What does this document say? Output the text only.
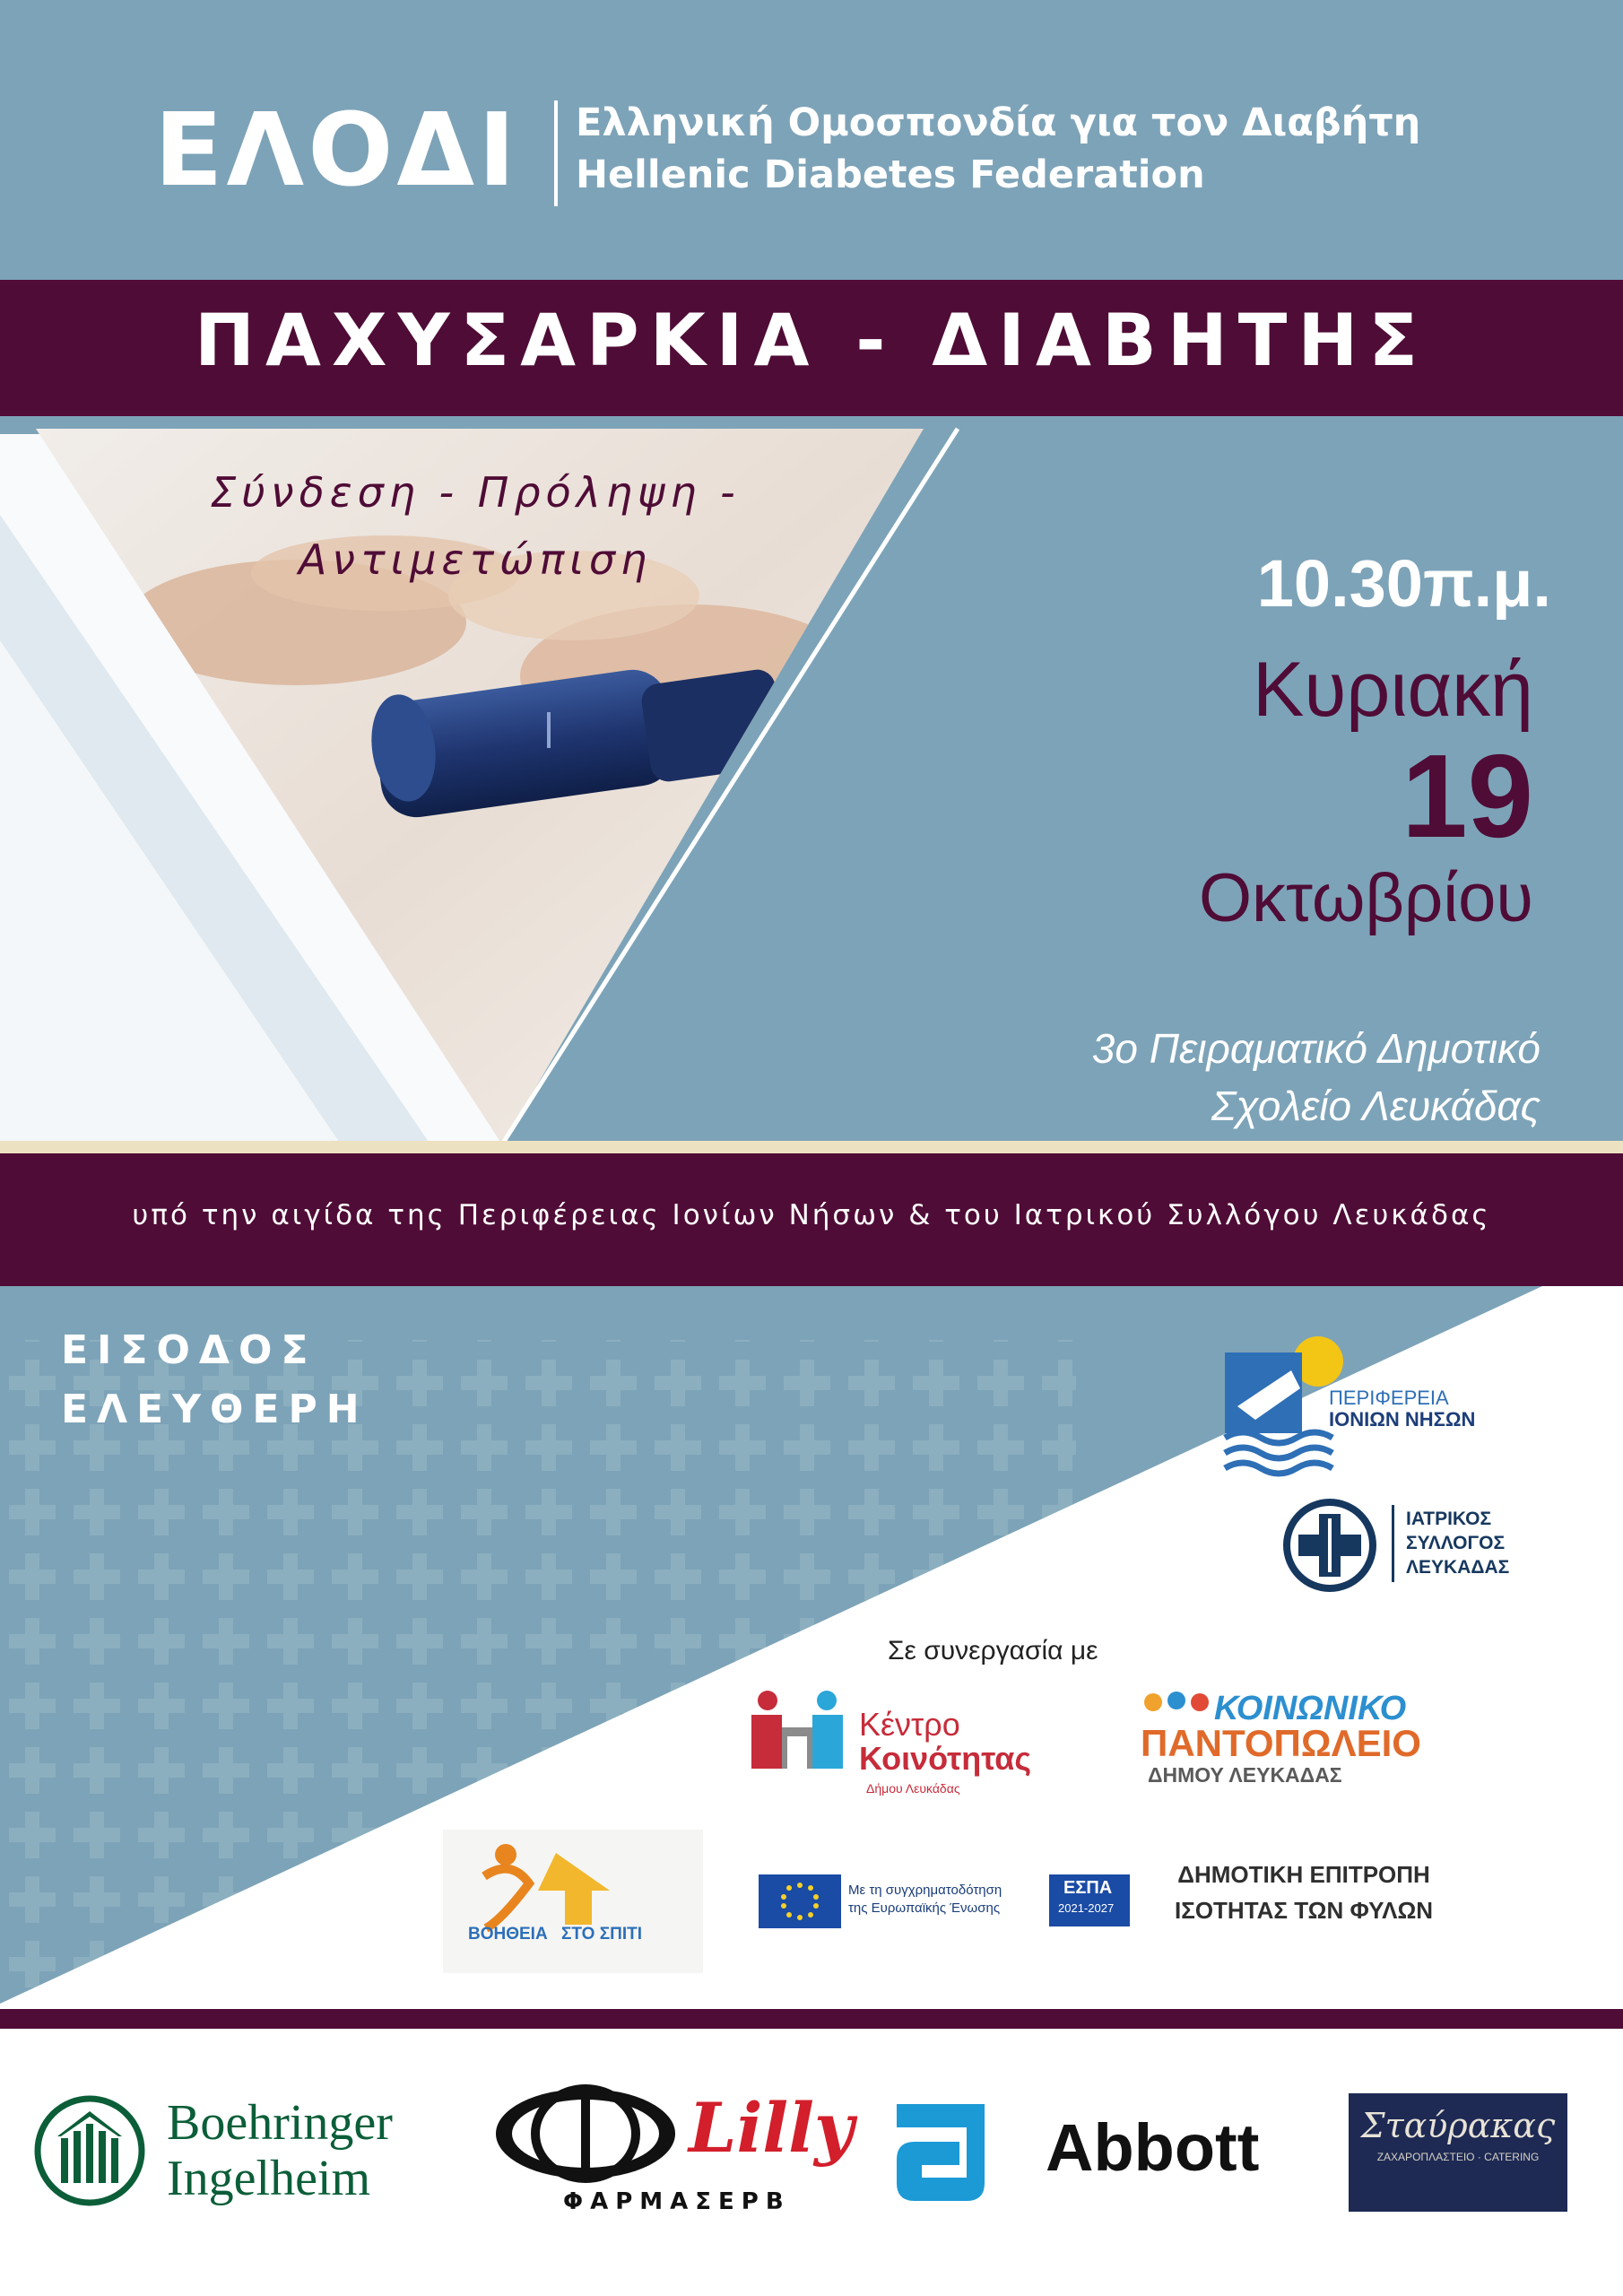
ΕΛΟΔΙ Ελληνική Ομοσπονδία για τον Διαβήτη
Hellenic Diabetes Federation
ΠΑΧΥΣΑΡΚΙΑ - ΔΙΑΒΗΤΗΣ
Σύνδεση - Πρόληψη -
Αντιμετώπιση	10.30π.μ.
Κυριακή
19
Οκτωβρίου
3ο Πειραματικό Δημοτικό
Σχολείο Λευκάδας
υπό την αιγίδα της Περιφέρειας Ιονίων Νήσων & του Ιατρικού Συλλόγου Λευκάδας
ΕΙΣΟΔΟΣ
ΕΛΕΥΘΕΡΗ	ΠΕΡΙΦΕΡΕΙΑ
ΙΟΝΙΩΝ ΝΗΣΩΝ
ΙΑΤΡΙΚΟΣ
ΣΥΛΛΟΓΟΣ
ΛΕΥΚΑΔΑΣ
Σε συνεργασία με
Κέντρο
Κοινότητας
Δήμου Λευκάδας
ΚΟΙΝΩΝΙΚΟ
ΠΑΝΤΟΠΩΛΕΙΟ
ΔΗΜΟΥ ΛΕΥΚΑΔΑΣ
ΒΟΗΘΕΙΑ ΣΤΟ ΣΠΙΤΙ
Με τη συγχρηματοδότηση
της Ευρωπαϊκής Ένωσης
ΕΣΠΑ
2021-2027
ΔΗΜΟΤΙΚΗ ΕΠΙΤΡΟΠΗ
ΙΣΟΤΗΤΑΣ ΤΩΝ ΦΥΛΩΝ
Boehringer
Ingelheim
Lilly
ΦΑΡΜΑΣΕΡΒ
Abbott	Σταύρακας
ΖΑΧΑΡΟΠΛΑΣΤΕΙΟ · CATERING
